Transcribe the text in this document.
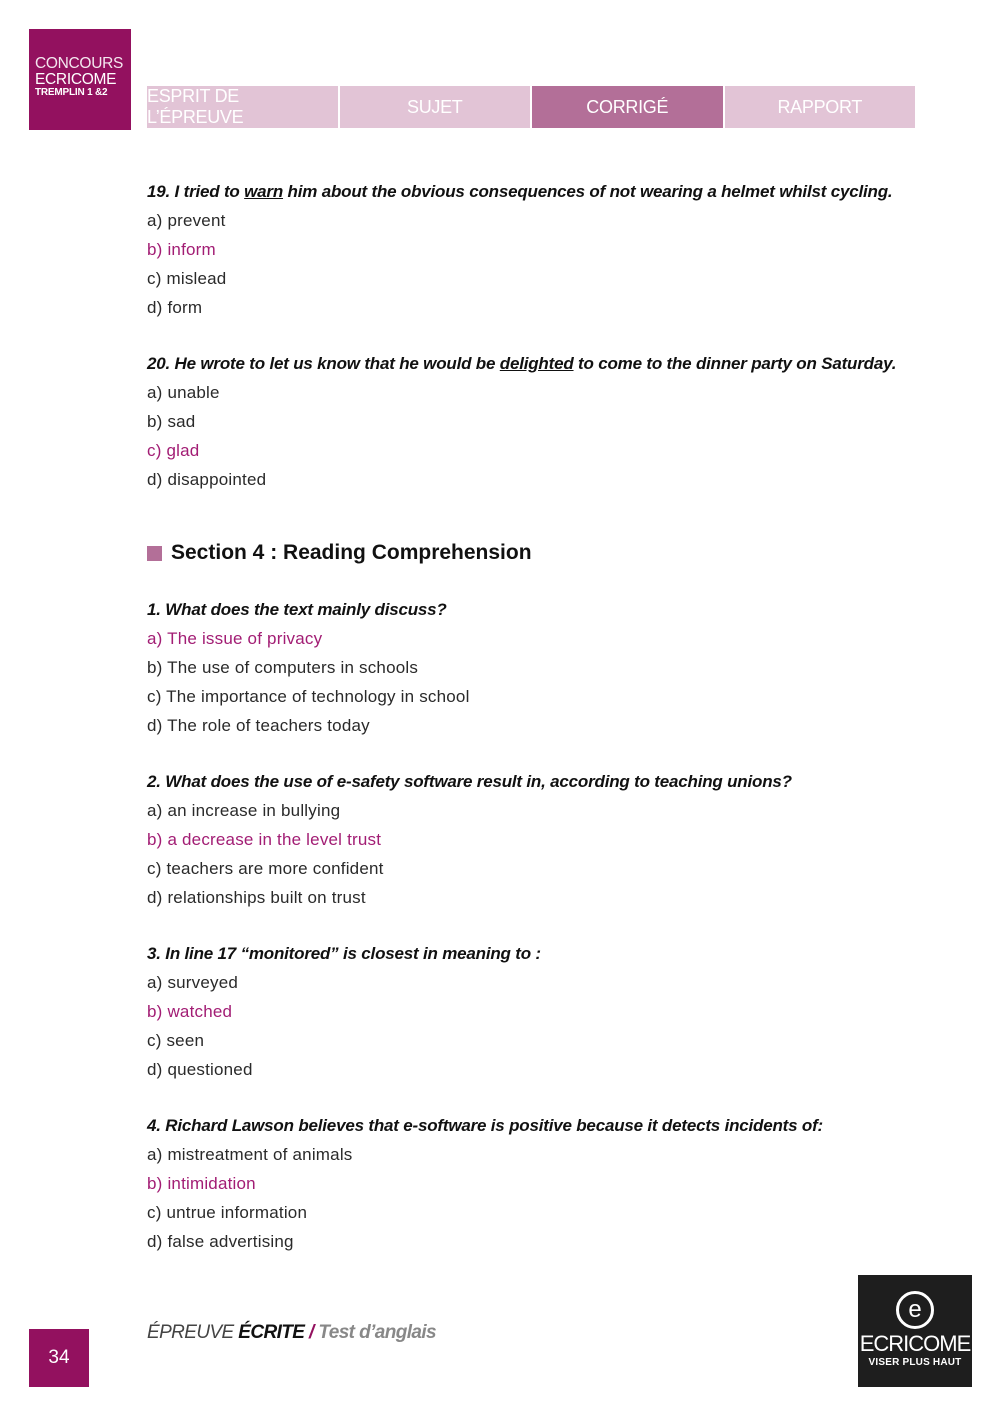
CONCOURS
ECRICOME
TREMPLIN 1 &2	ESPRIT DE L’ÉPREUVE
SUJET	CORRIGÉ	RAPPORT

19. I tried to warn him about the obvious consequences of not wearing a helmet whilst cycling.

a) prevent

b) inform

c) mislead

d) form

20. He wrote to let us know that he would be delighted to come to the dinner party on Saturday.

a) unable

b) sad

c) glad

d) disappointed

Section 4 : Reading Comprehension

1. What does the text mainly discuss?

a) The issue of privacy

b) The use of computers in schools

c) The importance of technology in school

d) The role of teachers today

2. What does the use of e-safety software result in, according to teaching unions?

a) an increase in bullying

b) a decrease in the level trust

c) teachers are more confident

d) relationships built on trust

3. In line 17 “monitored” is closest in meaning to :

a) surveyed

b) watched

c) seen

d) questioned

4. Richard Lawson believes that e-software is positive because it detects incidents of:

a) mistreatment of animals

b) intimidation

c) untrue information

d) false advertising

34
ÉPREUVE ÉCRITE / Test d’anglais
e
ECRICOME
VISER PLUS HAUT
